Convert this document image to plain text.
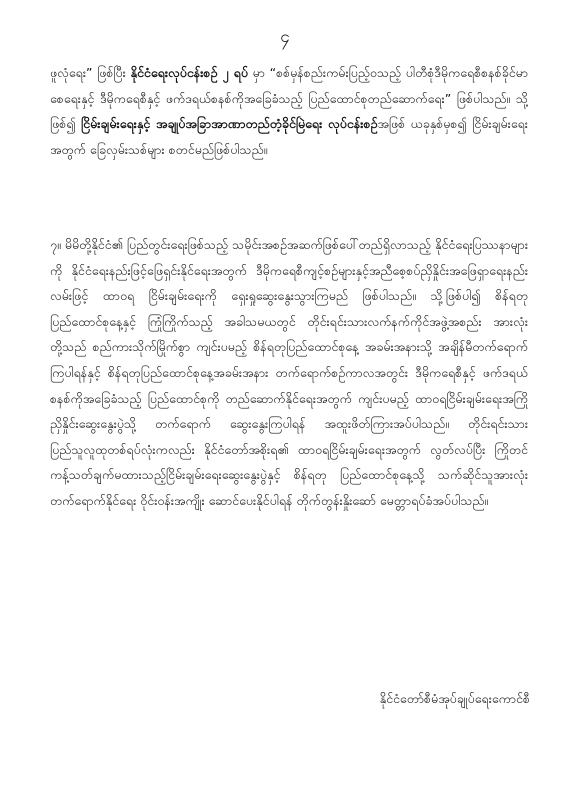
၄
ဖူလုံရေး” ဖြစ်ပြီး နိုင်ငံရေးလုပ်ငန်းစဉ် ၂ ရပ် မှာ “စစ်မှန်စည်းကမ်းပြည့်ဝသည့် ပါတီစုံဒီမိုကရေစီစနစ်ခိုင်မာစေရေးနှင့် ဒီမိုကရေစီနှင့် ဖက်ဒရယ်စနစ်ကိုအခြေခံသည့် ပြည်ထောင်စုတည်ဆောက်ရေး” ဖြစ်ပါသည်။ သို့ဖြစ်၍ ငြိမ်းချမ်းရေးနှင့် အချုပ်အခြာအာဏာတည်တံ့ခိုင်မြဲရေး လုပ်ငန်းစဉ်အဖြစ် ယခုနှစ်မှစ၍ ငြိမ်းချမ်းရေး အတွက် ခြေလှမ်းသစ်များ စတင်မည်ဖြစ်ပါသည်။
၇။ မိမိတို့နိုင်ငံ၏ ပြည်တွင်းရေးဖြစ်သည့် သမိုင်းအစဉ်အဆက်ဖြစ်ပေါ်တည်ရှိလာသည့် နိုင်ငံရေးပြဿနာများကို နိုင်ငံရေးနည်းဖြင့်ဖြေရှင်းနိုင်ရေးအတွက် ဒီမိုကရေစီကျင့်စဉ်များနှင့်အညီစေ့စပ်ညှိနှိုင်းအဖြေရှာရေးနည်းလမ်းဖြင့် ထာဝရ ငြိမ်းချမ်းရေးကို ရှေးရှုဆွေးနွေးသွားကြမည် ဖြစ်ပါသည်။ သို့ဖြစ်ပါ၍ စိန်ရတုပြည်ထောင်စုနေ့နှင့် ကြုံကြိုက်သည့် အခါသမယတွင် တိုင်းရင်းသားလက်နက်ကိုင်အဖွဲ့အစည်း အားလုံးတို့သည် စည်ကားသိုက်မြိုက်စွာ ကျင်းပမည့် စိန်ရတုပြည်ထောင်စုနေ့ အခမ်းအနားသို့ အချိန်မီတက်ရောက်ကြပါရန်နှင့် စိန်ရတုပြည်ထောင်စုနေ့အခမ်းအနား တက်ရောက်စဉ်ကာလအတွင်း ဒီမိုကရေစီနှင့် ဖက်ဒရယ်စနစ်ကိုအခြေခံသည့် ပြည်ထောင်စုကို တည်ဆောက်နိုင်ရေးအတွက် ကျင်းပမည့် ထာဝရငြိမ်းချမ်းရေးအကြိုညှိနှိုင်းဆွေးနွေးပွဲသို့ တက်ရောက် ဆွေးနွေးကြပါရန် အထူးဖိတ်ကြားအပ်ပါသည်။ တိုင်းရင်းသား ပြည်သူလူထုတစ်ရပ်လုံးကလည်း နိုင်ငံတော်အစိုးရ၏ ထာဝရငြိမ်းချမ်းရေးအတွက် လွတ်လပ်ပြီး ကြိုတင်ကန့်သတ်ချက်မထားသည့်ငြိမ်းချမ်းရေးဆွေးနွေးပွဲနှင့် စိန်ရတု ပြည်ထောင်စုနေ့သို့ သက်ဆိုင်သူအားလုံး တက်ရောက်နိုင်ရေး ဝိုင်းဝန်းအကျိုး ဆောင်ပေးနိုင်ပါရန် တိုက်တွန်းနှိုးဆော် မေတ္တာရပ်ခံအပ်ပါသည်။
နိုင်ငံတော်စီမံအုပ်ချုပ်ရေးကောင်စီ
